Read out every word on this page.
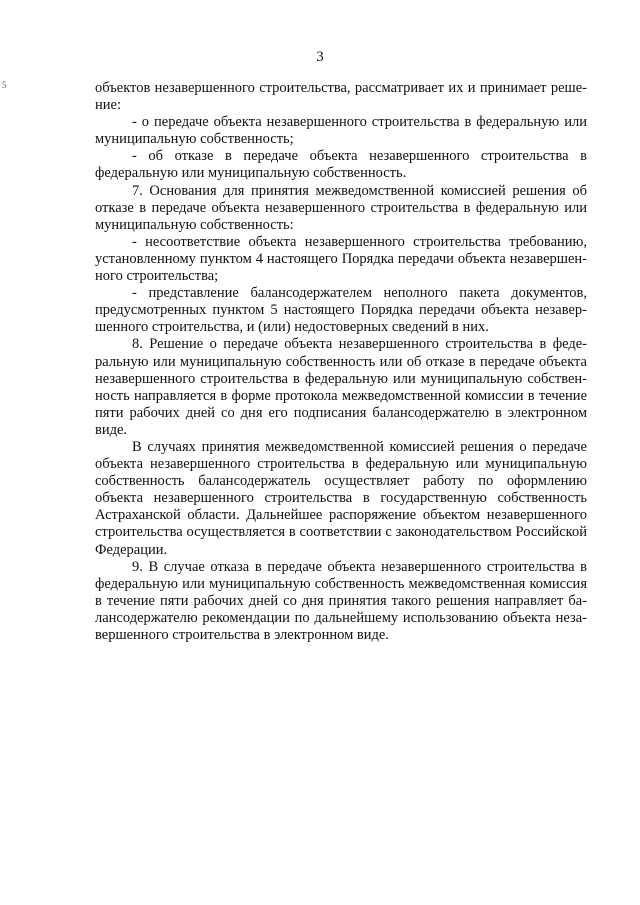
3
5	объектов незавершенного строительства, рассматривает их и принимает решение:

- о передаче объекта незавершенного строительства в федеральную или муниципальную собственность;

- об отказе в передаче объекта незавершенного строительства в федеральную или муниципальную собственность.

7. Основания для принятия межведомственной комиссией решения об отказе в передаче объекта незавершенного строительства в федеральную или муниципальную собственность:

- несоответствие объекта незавершенного строительства требованию, установленному пунктом 4 настоящего Порядка передачи объекта незавершенного строительства;

- представление балансодержателем неполного пакета документов, предусмотренных пунктом 5 настоящего Порядка передачи объекта незавершенного строительства, и (или) недостоверных сведений в них.

8. Решение о передаче объекта незавершенного строительства в федеральную или муниципальную собственность или об отказе в передаче объекта незавершенного строительства в федеральную или муниципальную собственность направляется в форме протокола межведомственной комиссии в течение пяти рабочих дней со дня его подписания балансодержателю в электронном виде.

В случаях принятия межведомственной комиссией решения о передаче объекта незавершенного строительства в федеральную или муниципальную собственность балансодержатель осуществляет работу по оформлению объекта незавершенного строительства в государственную собственность Астраханской области. Дальнейшее распоряжение объектом незавершенного строительства осуществляется в соответствии с законодательством Российской Федерации.

9. В случае отказа в передаче объекта незавершенного строительства в федеральную или муниципальную собственность межведомственная комиссия в течение пяти рабочих дней со дня принятия такого решения направляет балансодержателю рекомендации по дальнейшему использованию объекта незавершенного строительства в электронном виде.
